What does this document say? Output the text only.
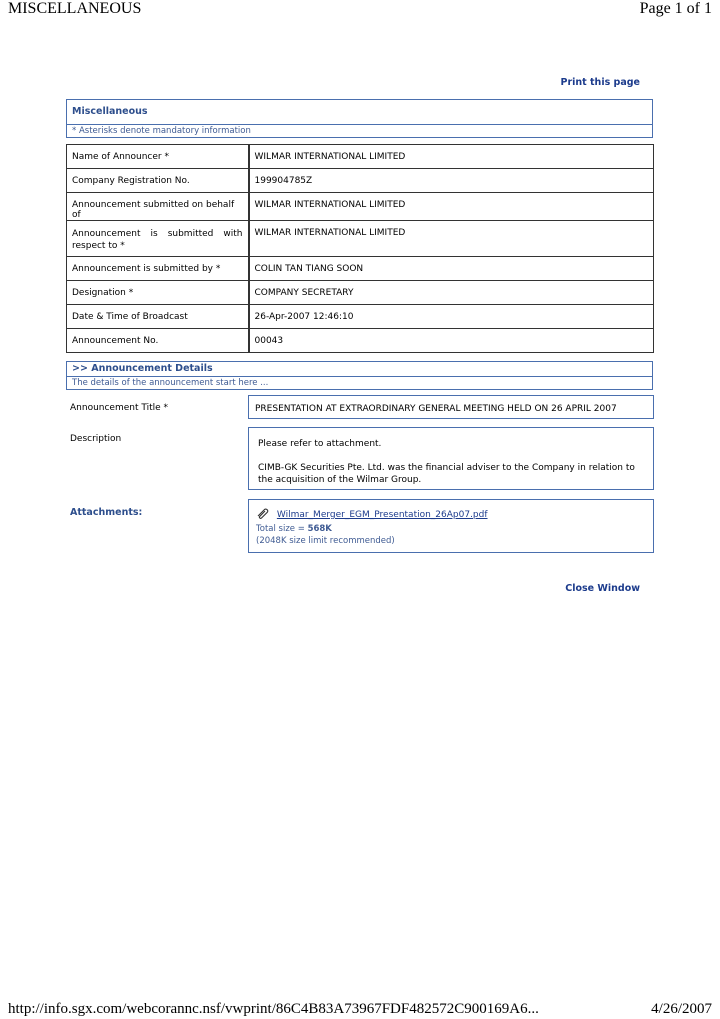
MISCELLANEOUS	Page 1 of 1
Print this page
Miscellaneous
* Asterisks denote mandatory information
Name of Announcer *	WILMAR INTERNATIONAL LIMITED
Company Registration No.	199904785Z
Announcement submitted on behalf of	WILMAR INTERNATIONAL LIMITED
Announcement is submitted with respect to *	WILMAR INTERNATIONAL LIMITED
Announcement is submitted by *	COLIN TAN TIANG SOON
Designation *	COMPANY SECRETARY
Date & Time of Broadcast	26-Apr-2007 12:46:10
Announcement No.	00043
>> Announcement Details
The details of the announcement start here ...
Announcement Title *	PRESENTATION AT EXTRAORDINARY GENERAL MEETING HELD ON 26 APRIL 2007
Description	Please refer to attachment.
CIMB-GK Securities Pte. Ltd. was the financial adviser to the Company in relation to the acquisition of the Wilmar Group.
Attachments:	Wilmar_Merger_EGM_Presentation_26Ap07.pdf
Total size = 568K
(2048K size limit recommended)
Close Window
http://info.sgx.com/webcorannc.nsf/vwprint/86C4B83A73967FDF482572C900169A6...	4/26/2007
